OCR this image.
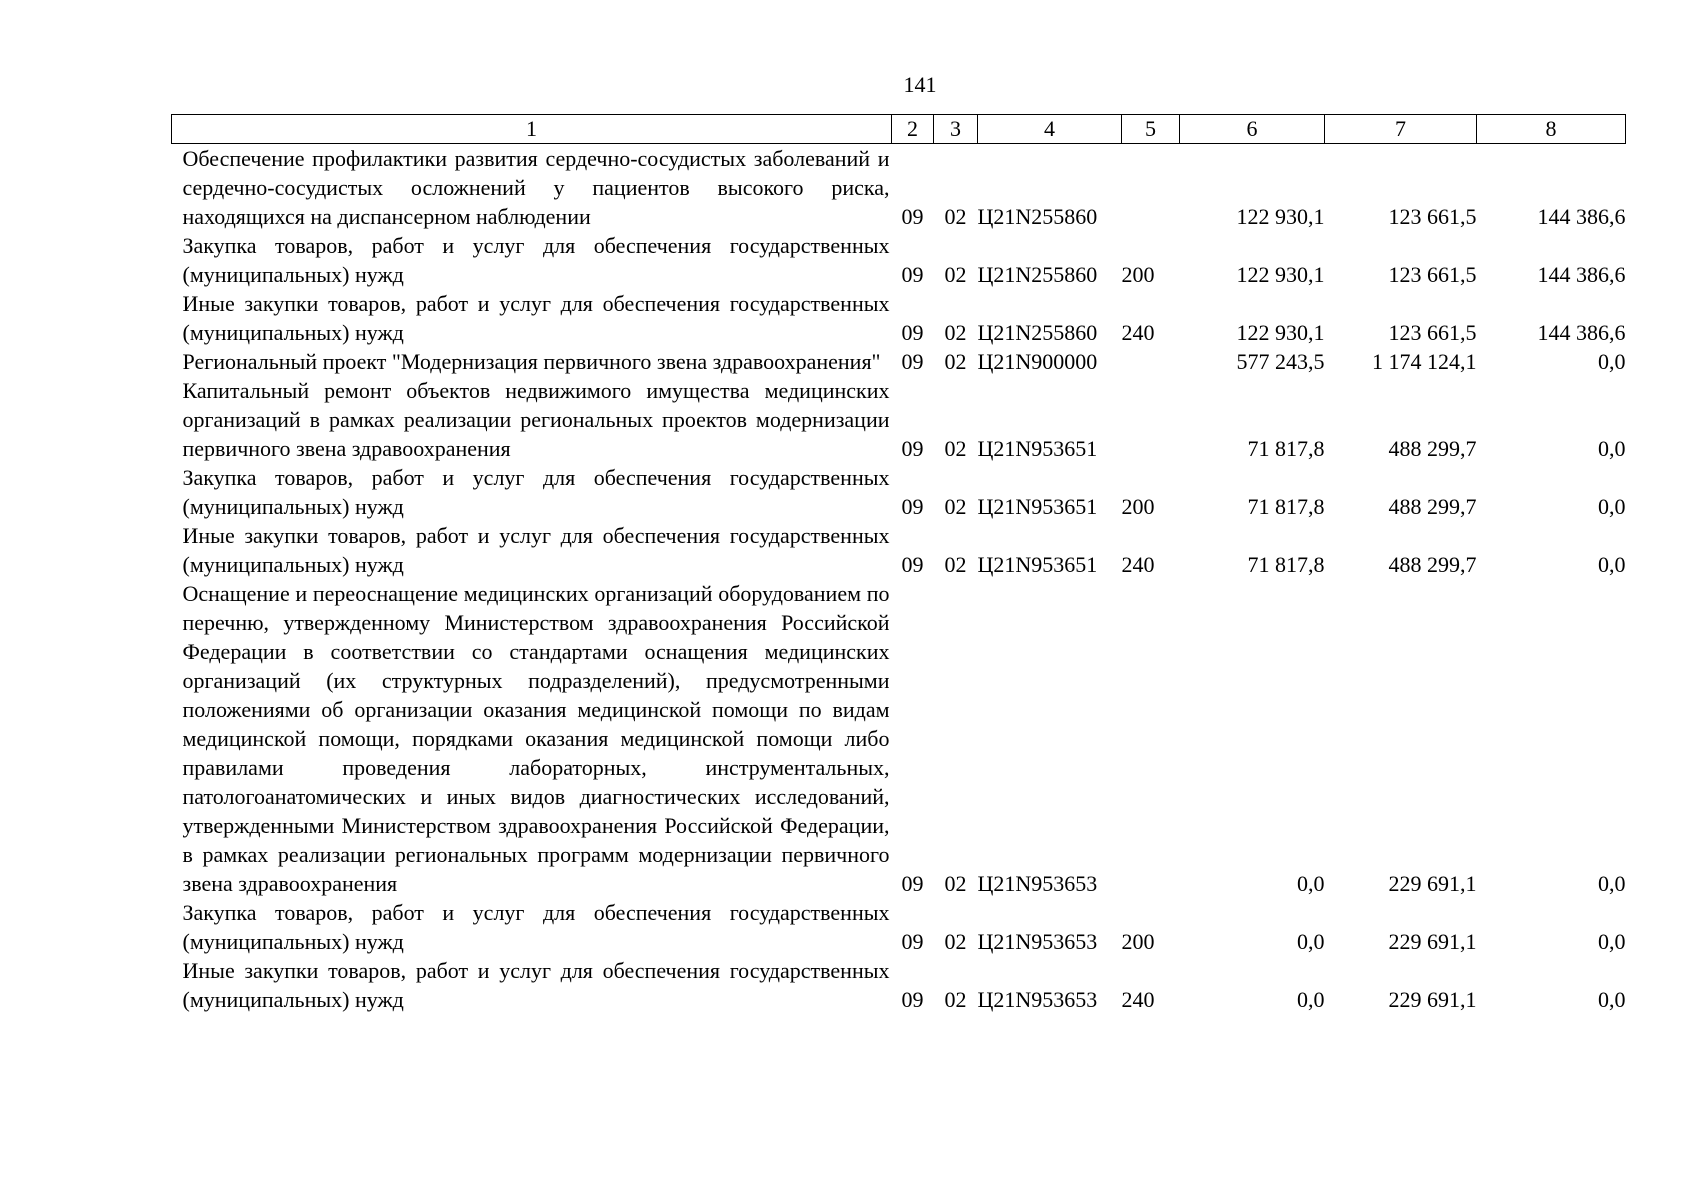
141
1	2	3	4	5	6	7	8
Обеспечение профилактики развития сердечно-сосудистых заболеваний и сердечно-сосудистых осложнений у пациентов высокого риска, находящихся на диспансерном наблюдении	09	02	Ц21N255860		122 930,1	123 661,5	144 386,6
Закупка товаров, работ и услуг для обеспечения государственных (муниципальных) нужд	09	02	Ц21N255860	200	122 930,1	123 661,5	144 386,6
Иные закупки товаров, работ и услуг для обеспечения государственных (муниципальных) нужд	09	02	Ц21N255860	240	122 930,1	123 661,5	144 386,6
Региональный проект "Модернизация первичного звена здравоохранения"	09	02	Ц21N900000		577 243,5	1 174 124,1	0,0
Капитальный ремонт объектов недвижимого имущества медицинских организаций в рамках реализации региональных проектов модернизации первичного звена здравоохранения	09	02	Ц21N953651		71 817,8	488 299,7	0,0
Закупка товаров, работ и услуг для обеспечения государственных (муниципальных) нужд	09	02	Ц21N953651	200	71 817,8	488 299,7	0,0
Иные закупки товаров, работ и услуг для обеспечения государственных (муниципальных) нужд	09	02	Ц21N953651	240	71 817,8	488 299,7	0,0
Оснащение и переоснащение медицинских организаций оборудованием по перечню, утвержденному Министерством здравоохранения Российской Федерации в соответствии со стандартами оснащения медицинских организаций (их структурных подразделений), предусмотренными положениями об организации оказания медицинской помощи по видам медицинской помощи, порядками оказания медицинской помощи либо правилами проведения лабораторных, инструментальных, патологоанатомических и иных видов диагностических исследований, утвержденными Министерством здравоохранения Российской Федерации, в рамках реализации региональных программ модернизации первичного звена здравоохранения	09	02	Ц21N953653		0,0	229 691,1	0,0
Закупка товаров, работ и услуг для обеспечения государственных (муниципальных) нужд	09	02	Ц21N953653	200	0,0	229 691,1	0,0
Иные закупки товаров, работ и услуг для обеспечения государственных (муниципальных) нужд	09	02	Ц21N953653	240	0,0	229 691,1	0,0
